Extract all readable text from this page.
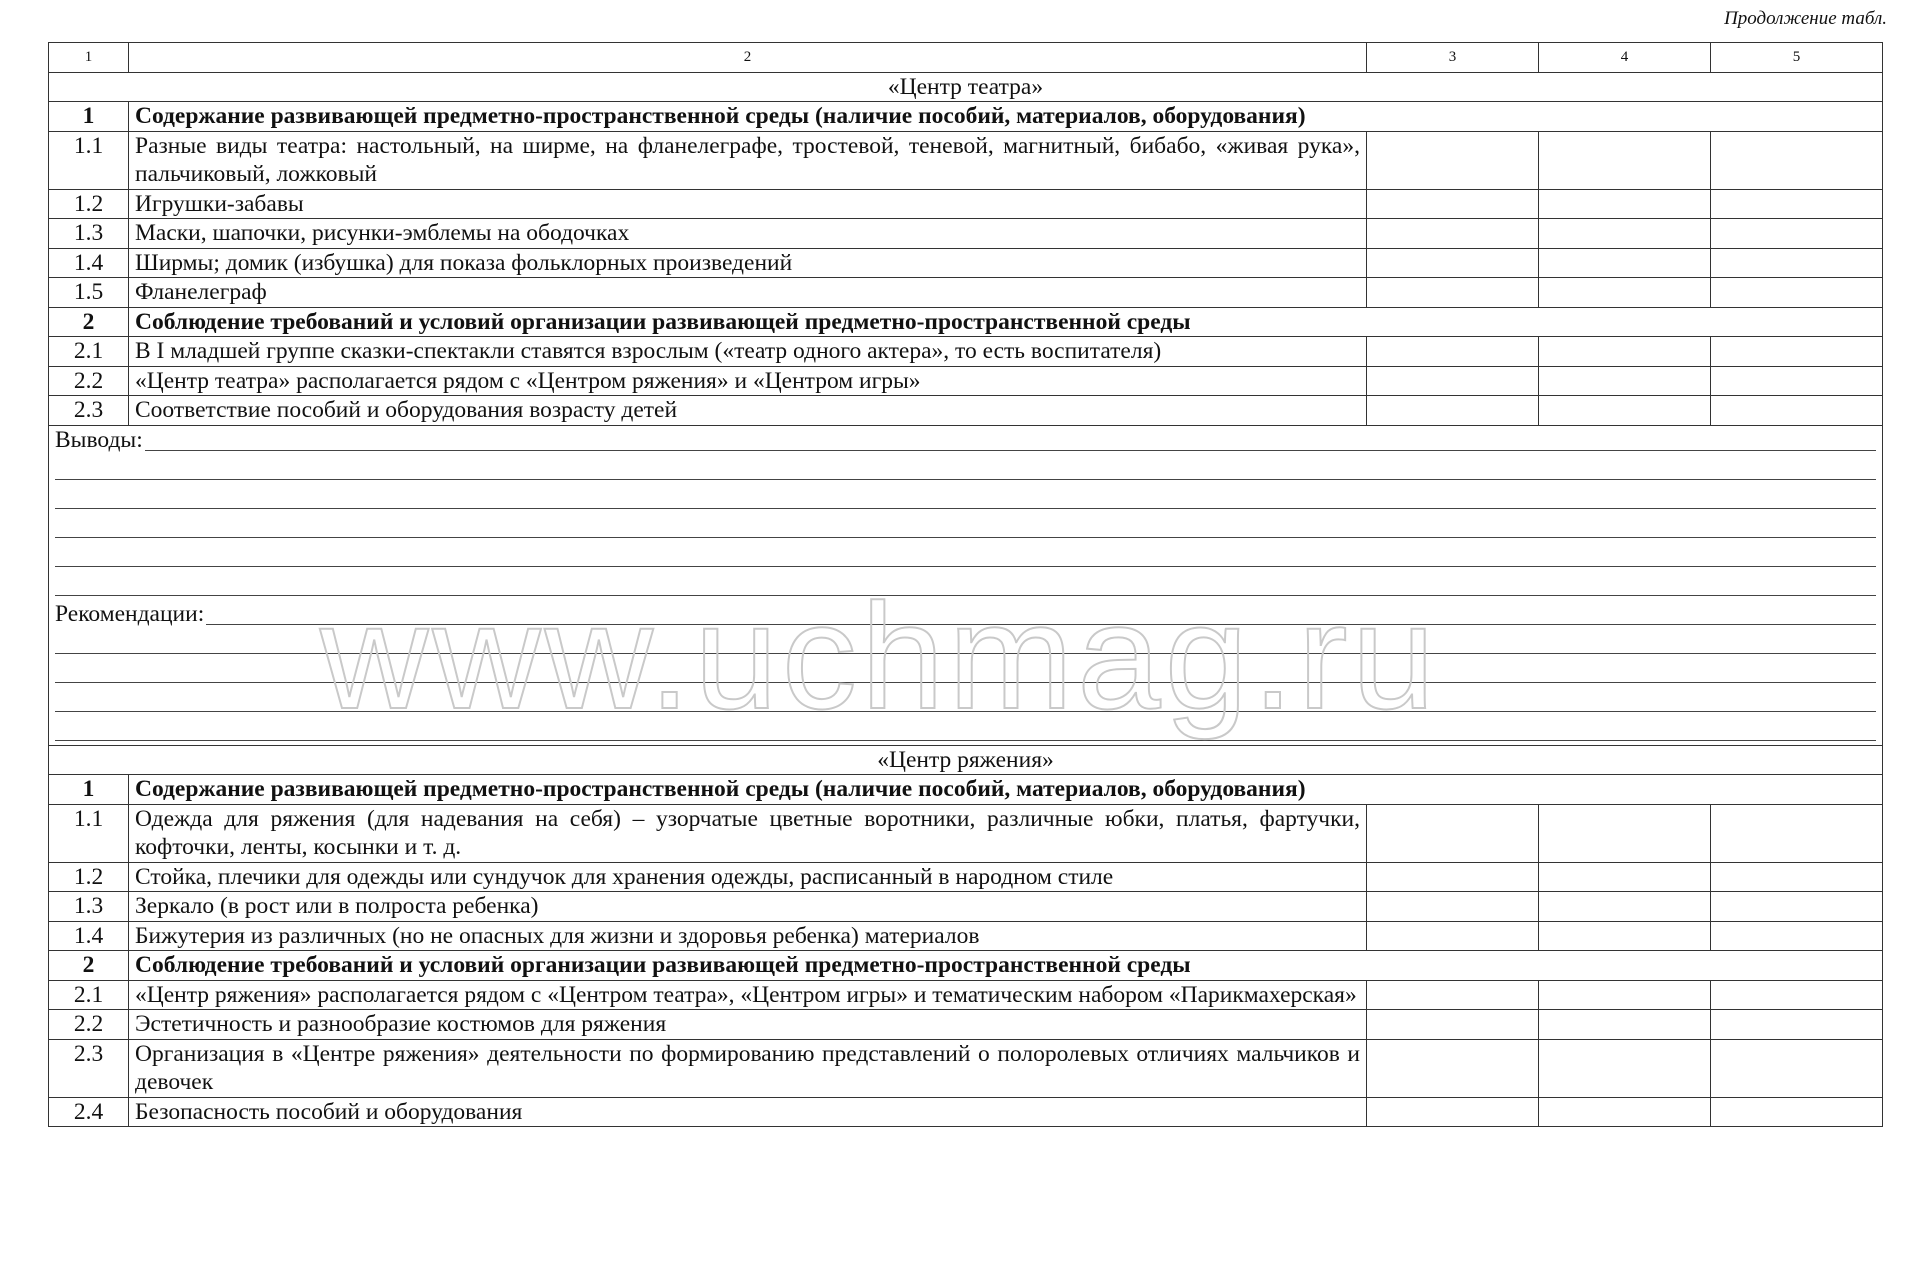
Продолжение табл.
1	2	3	4	5
«Центр театра»				
1	Содержание развивающей предметно-пространственной среды (наличие пособий, материалов, оборудования)			
1.1	Разные виды театра: настольный, на ширме, на фланелеграфе, тростевой, теневой, магнитный, бибабо, «живая рука», пальчиковый, ложковый			
1.2	Игрушки-забавы			
1.3	Маски, шапочки, рисунки-эмблемы на ободочках			
1.4	Ширмы; домик (избушка) для показа фольклорных произведений			
1.5	Фланелеграф			
2	Соблюдение требований и условий организации развивающей предметно-пространственной среды			
2.1	В I младшей группе сказки-спектакли ставятся взрослым («театр одного актера», то есть воспитателя)			
2.2	«Центр театра» располагается рядом с «Центром ряжения» и «Центром игры»			
2.3	Соответствие пособий и оборудования возрасту детей			

Выводы:
Рекомендации:				

«Центр ряжения»				
1	Содержание развивающей предметно-пространственной среды (наличие пособий, материалов, оборудования)			
1.1	Одежда для ряжения (для надевания на себя) – узорчатые цветные воротники, различные юбки, платья, фартучки, кофточки, ленты, косынки и т. д.			
1.2	Стойка, плечики для одежды или сундучок для хранения одежды, расписанный в народном стиле			
1.3	Зеркало (в рост или в полроста ребенка)			
1.4	Бижутерия из различных (но не опасных для жизни и здоровья ребенка) материалов			
2	Соблюдение требований и условий организации развивающей предметно-пространственной среды			
2.1	«Центр ряжения» располагается рядом с «Центром театра», «Центром игры» и тематическим набором «Парикмахерская»			
2.2	Эстетичность и разнообразие костюмов для ряжения			
2.3	Организация в «Центре ряжения» деятельности по формированию представлений о полоролевых отличиях мальчиков и девочек			
2.4	Безопасность пособий и оборудования			
www.uchmag.ru
